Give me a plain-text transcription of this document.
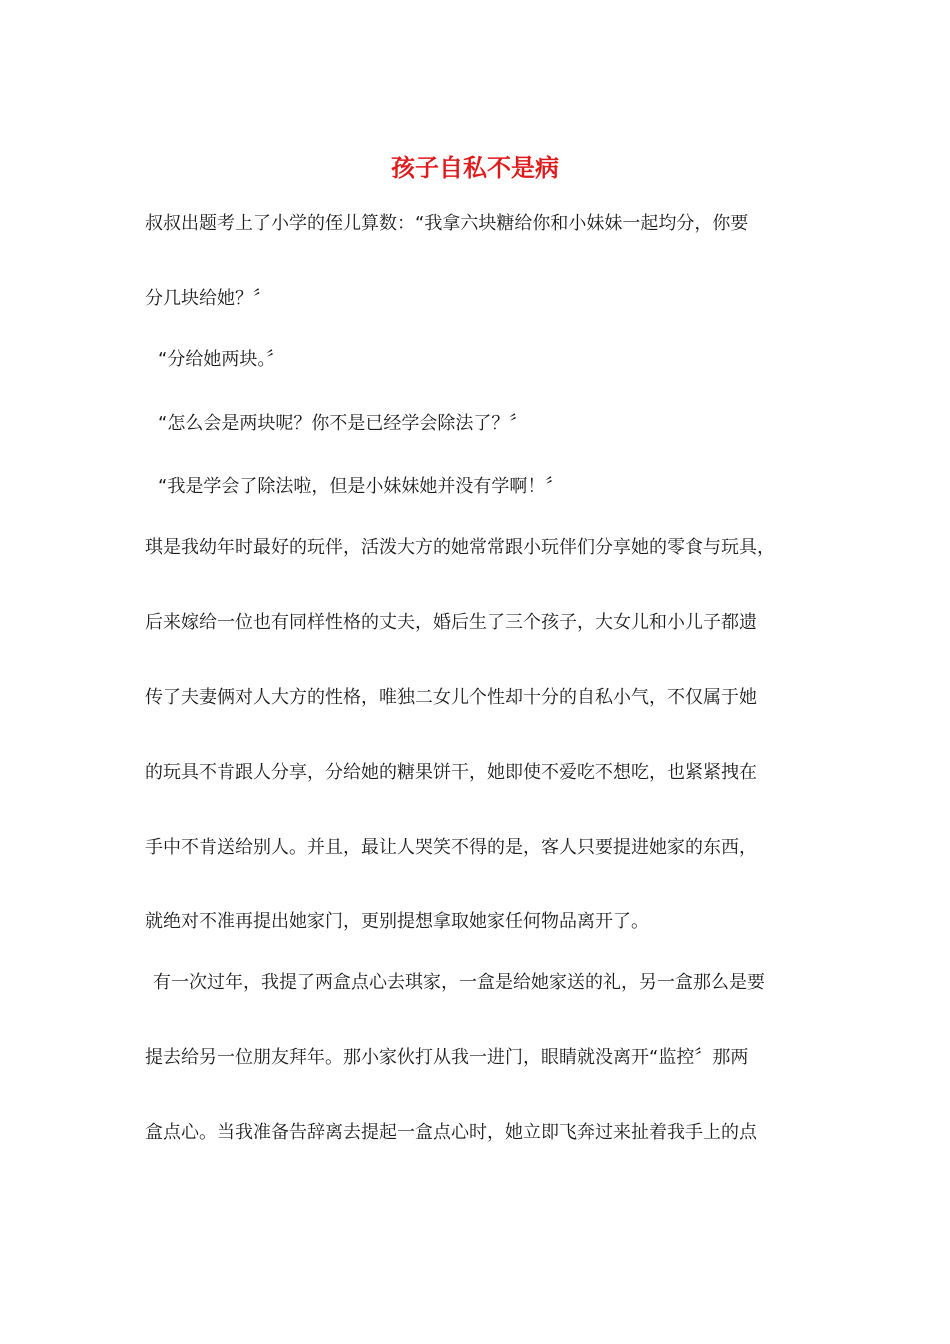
孩子自私不是病
叔叔出题考上了小学的侄儿算数：“我拿六块糖给你和小妹妹一起均分，你要
分几块给她？〞
“分给她两块。〞
“怎么会是两块呢？你不是已经学会除法了？〞
“我是学会了除法啦，但是小妹妹她并没有学啊！〞
琪是我幼年时最好的玩伴，活泼大方的她常常跟小玩伴们分享她的零食与玩具，
后来嫁给一位也有同样性格的丈夫，婚后生了三个孩子，大女儿和小儿子都遗
传了夫妻俩对人大方的性格，唯独二女儿个性却十分的自私小气，不仅属于她
的玩具不肯跟人分享，分给她的糖果饼干，她即使不爱吃不想吃，也紧紧拽在
手中不肯送给别人。并且，最让人哭笑不得的是，客人只要提进她家的东西，
就绝对不准再提出她家门，更别提想拿取她家任何物品离开了。
有一次过年，我提了两盒点心去琪家，一盒是给她家送的礼，另一盒那么是要
提去给另一位朋友拜年。那小家伙打从我一进门，眼睛就没离开“监控〞那两
盒点心。当我准备告辞离去提起一盒点心时，她立即飞奔过来扯着我手上的点
